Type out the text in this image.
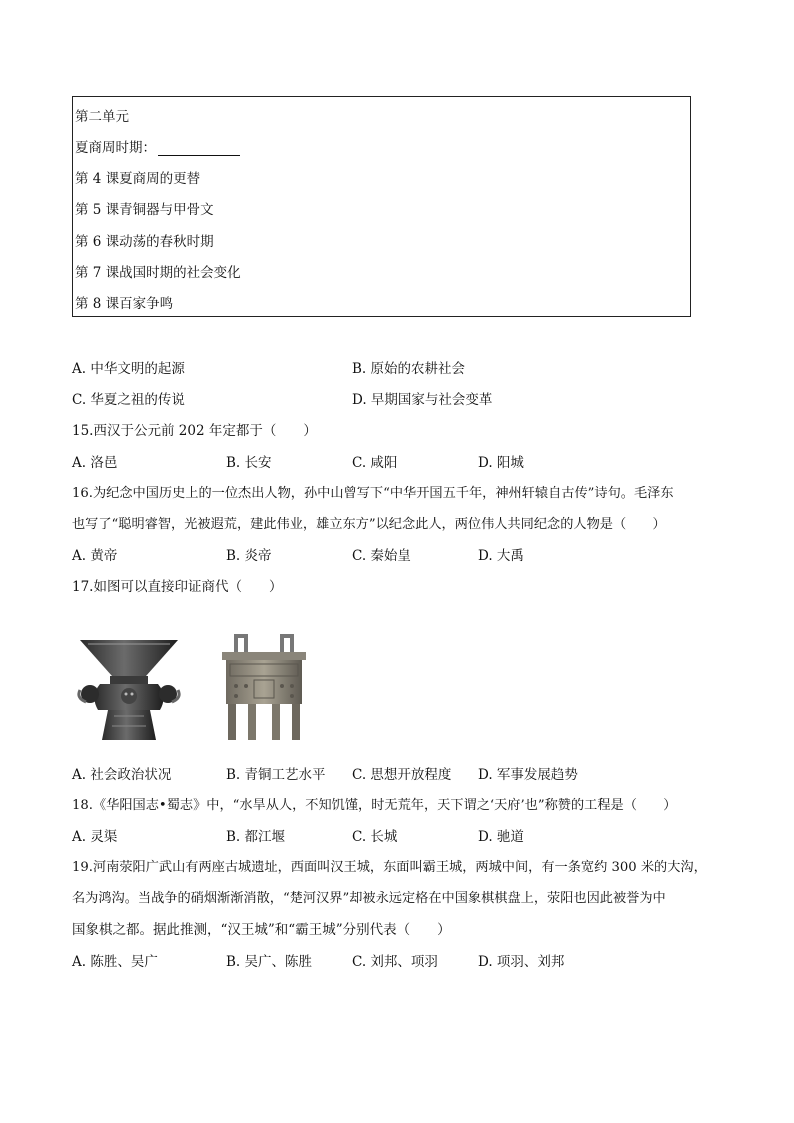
第二单元
夏商周时期：
第 4 课夏商周的更替
第 5 课青铜器与甲骨文
第 6 课动荡的春秋时期
第 7 课战国时期的社会变化
第 8 课百家争鸣
A. 中华文明的起源	B. 原始的农耕社会
C. 华夏之祖的传说	D. 早期国家与社会变革
15.西汉于公元前 202 年定都于（　　）
A. 洛邑	B. 长安	C. 咸阳	D. 阳城
16.为纪念中国历史上的一位杰出人物，孙中山曾写下“中华开国五千年，神州轩辕自古传”诗句。毛泽东
也写了“聪明睿智，光被遐荒，建此伟业，雄立东方”以纪念此人，两位伟人共同纪念的人物是（　　）
A. 黄帝	B. 炎帝	C. 秦始皇	D. 大禹
17.如图可以直接印证商代（　　）
A. 社会政治状况	B. 青铜工艺水平 C. 思想开放程度 D. 军事发展趋势
18.《华阳国志•蜀志》中，“水旱从人，不知饥馑，时无荒年，天下谓之‘天府’也”称赞的工程是（　　）
A. 灵渠	B. 都江堰	C. 长城	D. 驰道
19.河南荥阳广武山有两座古城遗址，西面叫汉王城，东面叫霸王城，两城中间，有一条宽约 300 米的大沟，
名为鸿沟。当战争的硝烟渐渐消散，“楚河汉界”却被永远定格在中国象棋棋盘上，荥阳也因此被誉为中
国象棋之都。据此推测，“汉王城”和“霸王城”分别代表（　　）
A. 陈胜、吴广	B. 吴广、陈胜	C. 刘邦、项羽	D. 项羽、刘邦
